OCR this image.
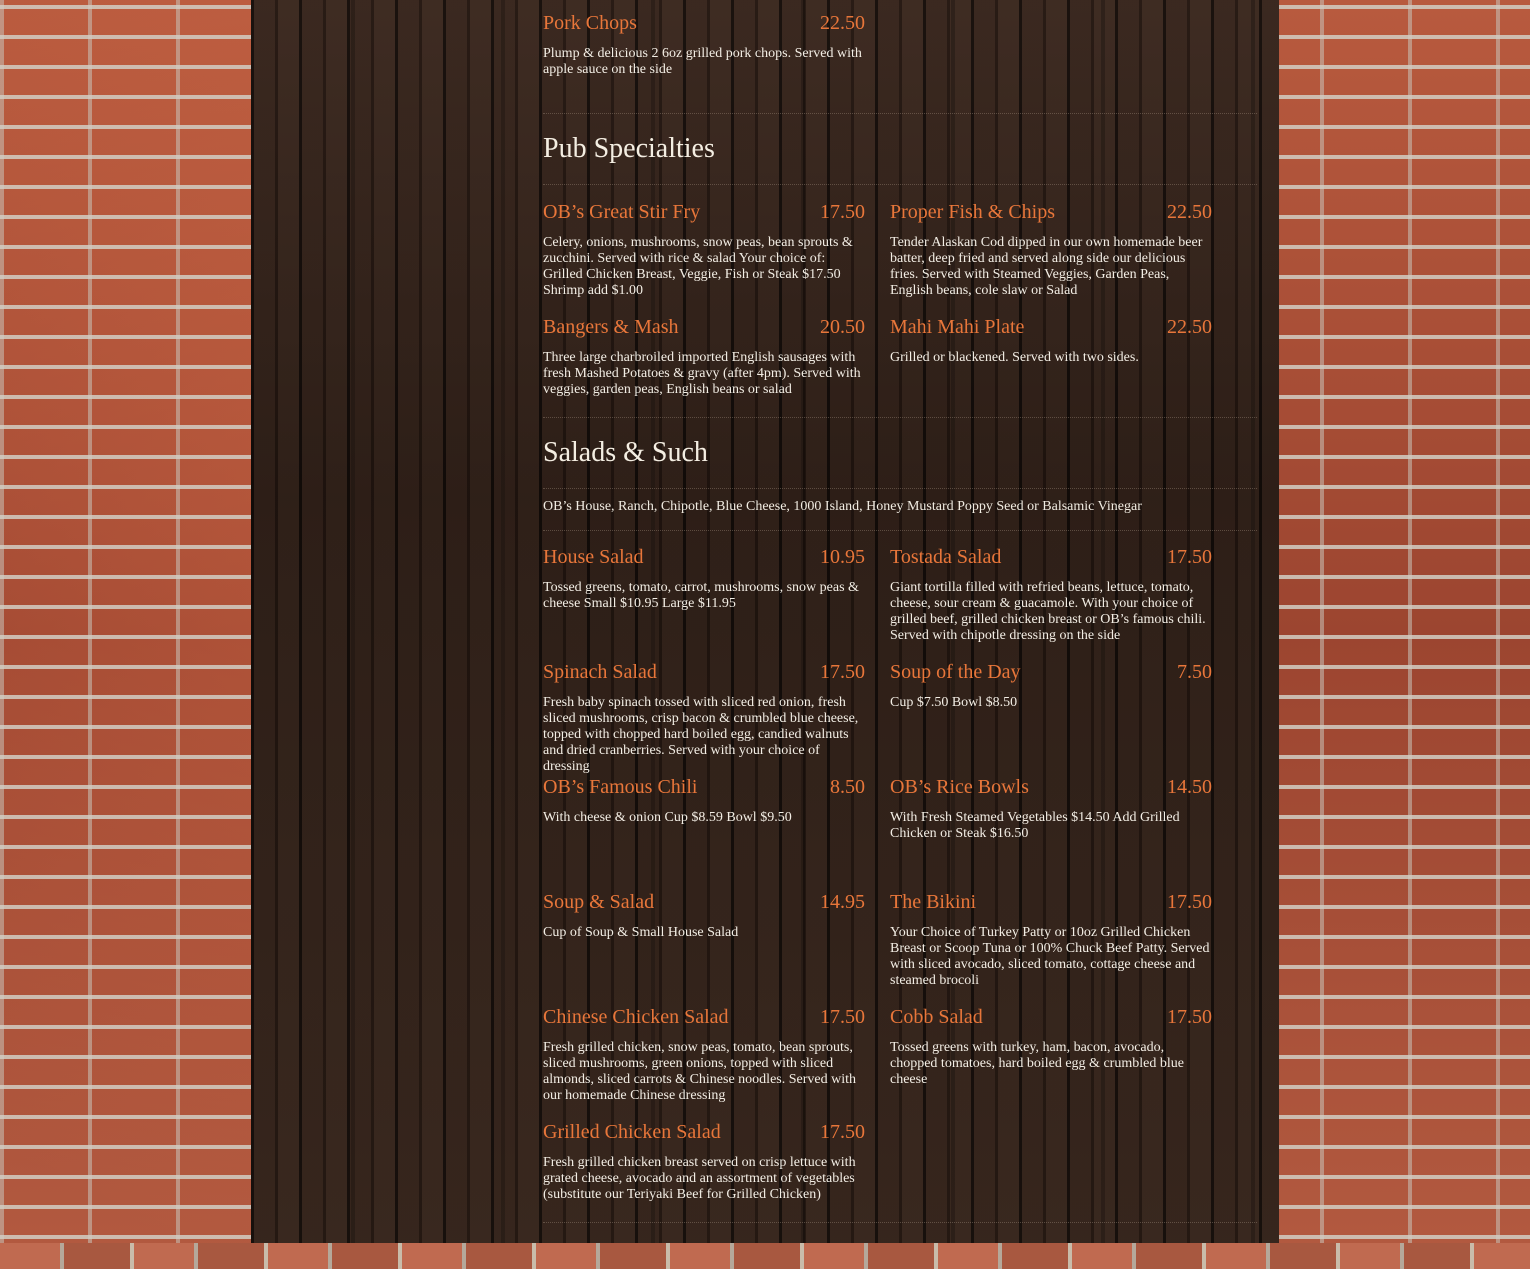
Pork Chops	22.50
Plump & delicious 2 6oz grilled pork chops. Served with apple sauce on the side
Pub Specialties
OB’s Great Stir Fry	17.50
Celery, onions, mushrooms, snow peas, bean sprouts & zucchini. Served with rice & salad Your choice of: Grilled Chicken Breast, Veggie, Fish or Steak $17.50 Shrimp add $1.00
Proper Fish & Chips	22.50
Tender Alaskan Cod dipped in our own homemade beer batter, deep fried and served along side our delicious fries. Served with Steamed Veggies, Garden Peas, English beans, cole slaw or Salad
Bangers & Mash	20.50
Three large charbroiled imported English sausages with fresh Mashed Potatoes & gravy (after 4pm). Served with veggies, garden peas, English beans or salad
Mahi Mahi Plate	22.50
Grilled or blackened. Served with two sides.
Salads & Such
OB’s House, Ranch, Chipotle, Blue Cheese, 1000 Island, Honey Mustard Poppy Seed or Balsamic Vinegar
House Salad	10.95
Tossed greens, tomato, carrot, mushrooms, snow peas & cheese Small $10.95 Large $11.95
Tostada Salad	17.50
Giant tortilla filled with refried beans, lettuce, tomato, cheese, sour cream & guacamole. With your choice of grilled beef, grilled chicken breast or OB’s famous chili. Served with chipotle dressing on the side
Spinach Salad	17.50
Fresh baby spinach tossed with sliced red onion, fresh sliced mushrooms, crisp bacon & crumbled blue cheese, topped with chopped hard boiled egg, candied walnuts and dried cranberries. Served with your choice of dressing
Soup of the Day	7.50
Cup $7.50 Bowl $8.50
OB’s Famous Chili	8.50
With cheese & onion Cup $8.59 Bowl $9.50
OB’s Rice Bowls	14.50
With Fresh Steamed Vegetables $14.50 Add Grilled Chicken or Steak $16.50
Soup & Salad	14.95
Cup of Soup & Small House Salad
The Bikini	17.50
Your Choice of Turkey Patty or 10oz Grilled Chicken Breast or Scoop Tuna or 100% Chuck Beef Patty. Served with sliced avocado, sliced tomato, cottage cheese and steamed brocoli
Chinese Chicken Salad	17.50
Fresh grilled chicken, snow peas, tomato, bean sprouts, sliced mushrooms, green onions, topped with sliced almonds, sliced carrots & Chinese noodles. Served with our homemade Chinese dressing
Cobb Salad	17.50
Tossed greens with turkey, ham, bacon, avocado, chopped tomatoes, hard boiled egg & crumbled blue cheese
Grilled Chicken Salad	17.50
Fresh grilled chicken breast served on crisp lettuce with grated cheese, avocado and an assortment of vegetables (substitute our Teriyaki Beef for Grilled Chicken)
